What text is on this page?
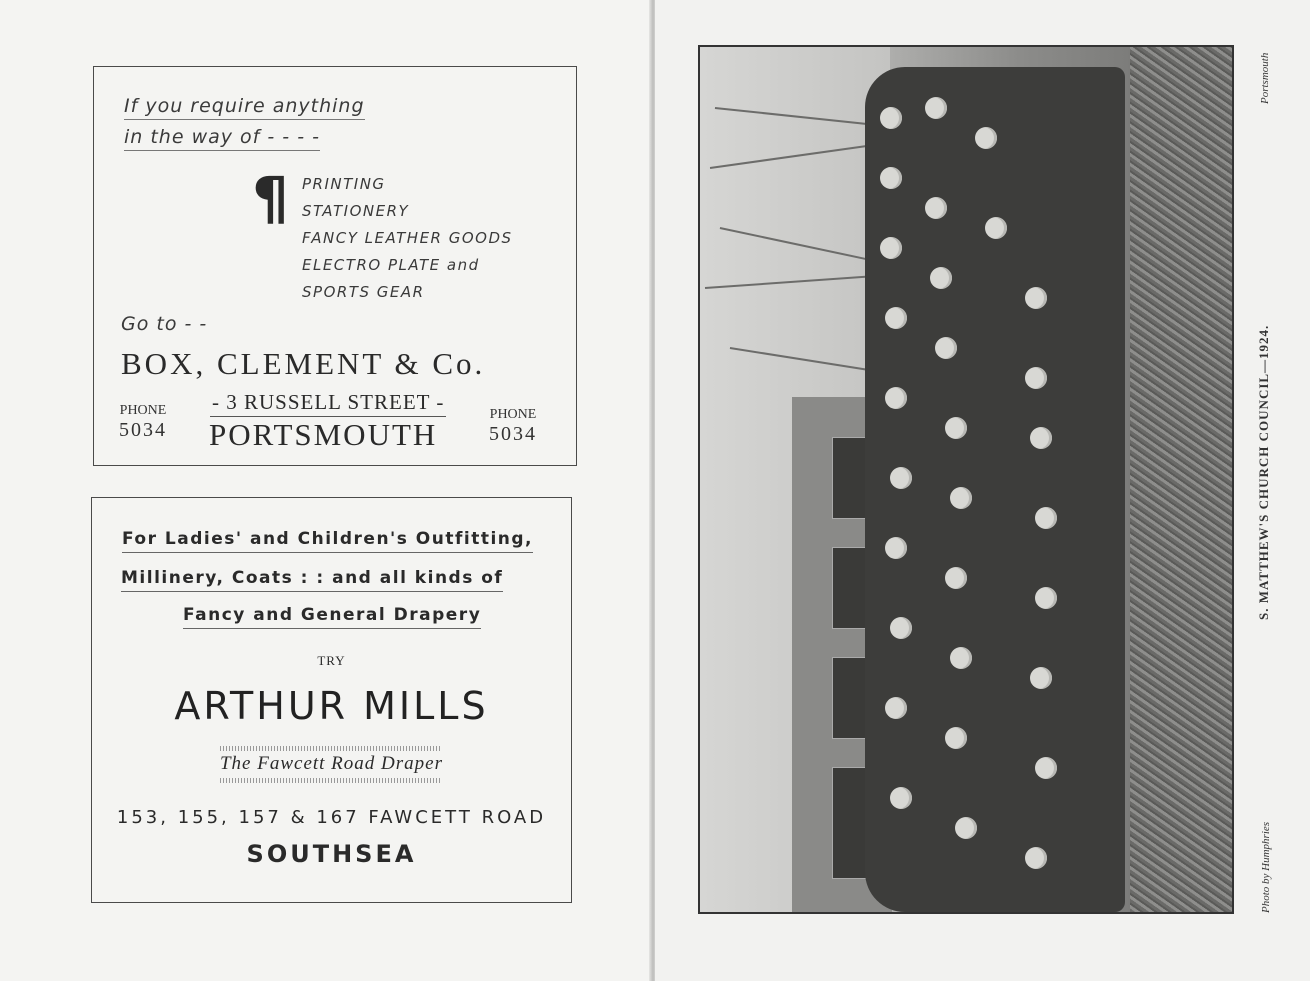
If you require anything
in the way of - - - -
¶ PRINTING
STATIONERY
FANCY LEATHER GOODS
ELECTRO PLATE and
SPORTS GEAR
Go to - -
BOX, CLEMENT & Co.
PHONE
5034
- 3 RUSSELL STREET -
PORTSMOUTH
PHONE
5034
For Ladies' and Children's Outfitting,
Millinery, Coats : : and all kinds of
Fancy and General Drapery
TRY
ARTHUR MILLS
The Fawcett Road Draper
153, 155, 157 & 167 FAWCETT ROAD
SOUTHSEA
S. MATTHEW'S CHURCH COUNCIL—1924.
Photo by Humphries
Portsmouth
